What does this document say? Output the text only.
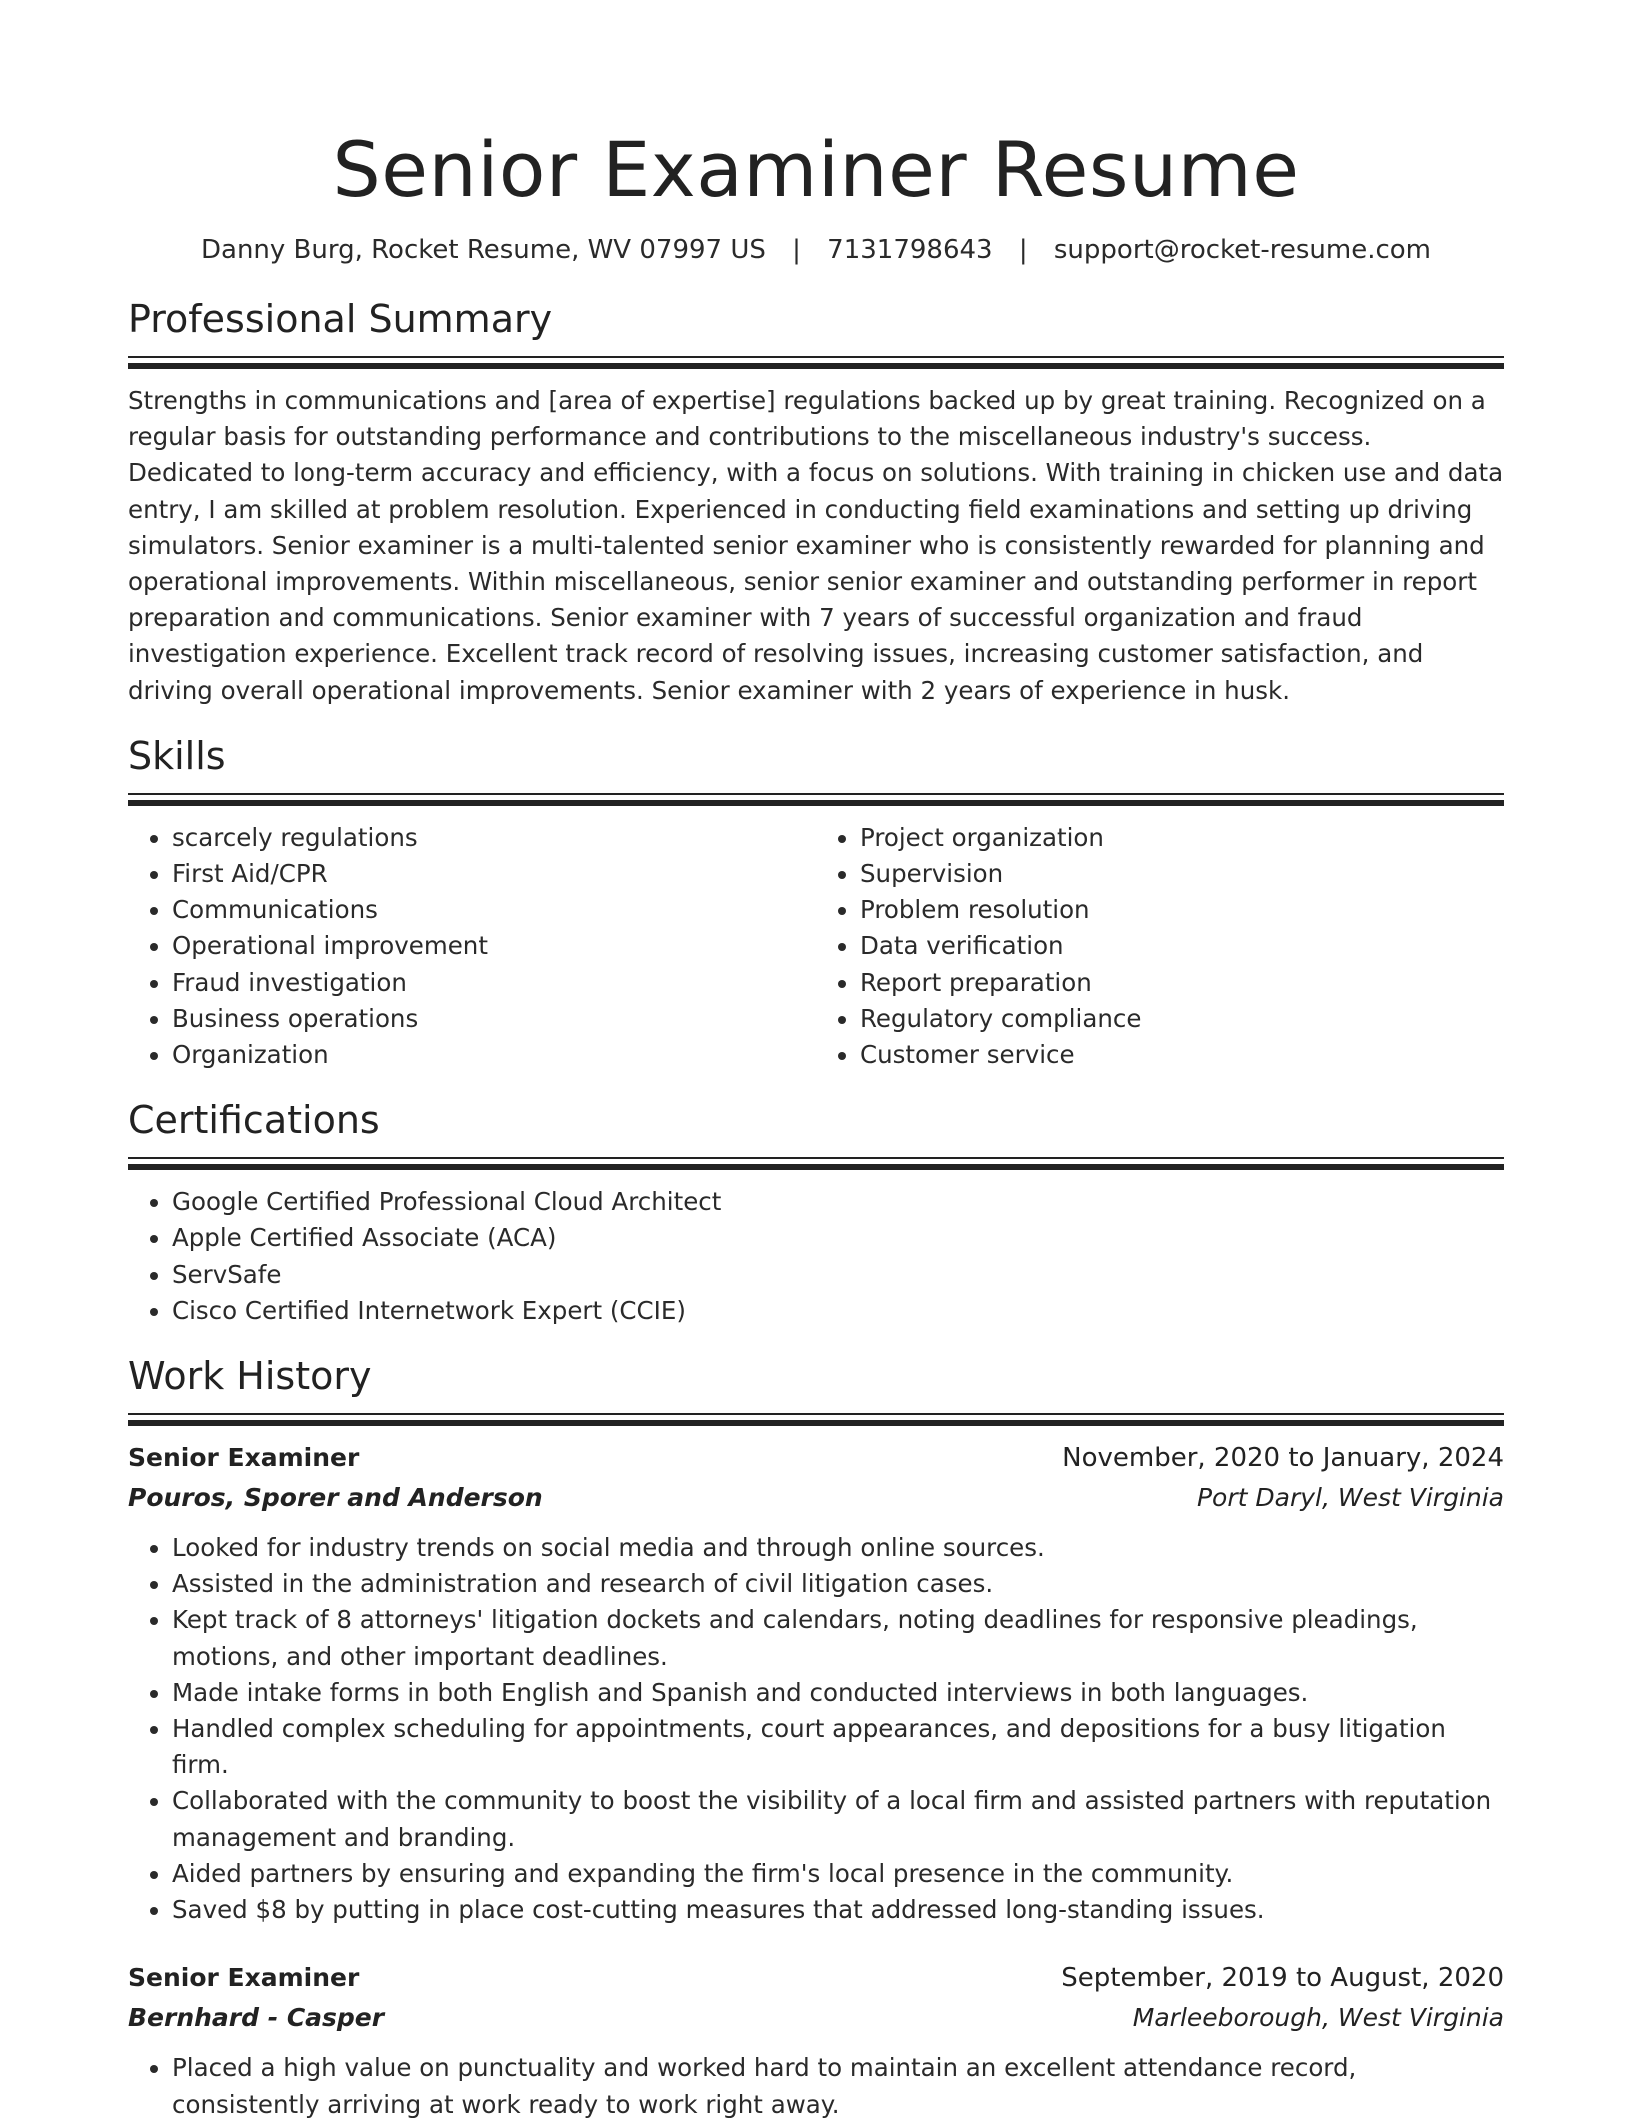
Senior Examiner Resume
Danny Burg, Rocket Resume, WV 07997 US | 7131798643 | support@rocket-resume.com
Professional Summary

Strengths in communications and [area of expertise] regulations backed up by great training. Recognized on a regular basis for outstanding performance and contributions to the miscellaneous industry's success. Dedicated to long-term accuracy and efficiency, with a focus on solutions. With training in chicken use and data entry, I am skilled at problem resolution. Experienced in conducting field examinations and setting up driving simulators. Senior examiner is a multi-talented senior examiner who is consistently rewarded for planning and operational improvements. Within miscellaneous, senior senior examiner and outstanding performer in report preparation and communications. Senior examiner with 7 years of successful organization and fraud investigation experience. Excellent track record of resolving issues, increasing customer satisfaction, and driving overall operational improvements. Senior examiner with 2 years of experience in husk.

Skills
• scarcely regulations
• First Aid/CPR
• Communications
• Operational improvement
• Fraud investigation
• Business operations
• Organization
• Project organization
• Supervision
• Problem resolution
• Data verification
• Report preparation
• Regulatory compliance
• Customer service
Certifications
• Google Certified Professional Cloud Architect
• Apple Certified Associate (ACA)
• ServSafe
• Cisco Certified Internetwork Expert (CCIE)
Work History
Senior Examiner	November, 2020 to January, 2024
Pouros, Sporer and Anderson	Port Daryl, West Virginia
• Looked for industry trends on social media and through online sources.
• Assisted in the administration and research of civil litigation cases.
• Kept track of 8 attorneys' litigation dockets and calendars, noting deadlines for responsive pleadings, motions, and other important deadlines.
• Made intake forms in both English and Spanish and conducted interviews in both languages.
• Handled complex scheduling for appointments, court appearances, and depositions for a busy litigation firm.
• Collaborated with the community to boost the visibility of a local firm and assisted partners with reputation management and branding.
• Aided partners by ensuring and expanding the firm's local presence in the community.
• Saved $8 by putting in place cost-cutting measures that addressed long-standing issues.
Senior Examiner	September, 2019 to August, 2020
Bernhard - Casper	Marleeborough, West Virginia
• Placed a high value on punctuality and worked hard to maintain an excellent attendance record, consistently arriving at work ready to work right away.
